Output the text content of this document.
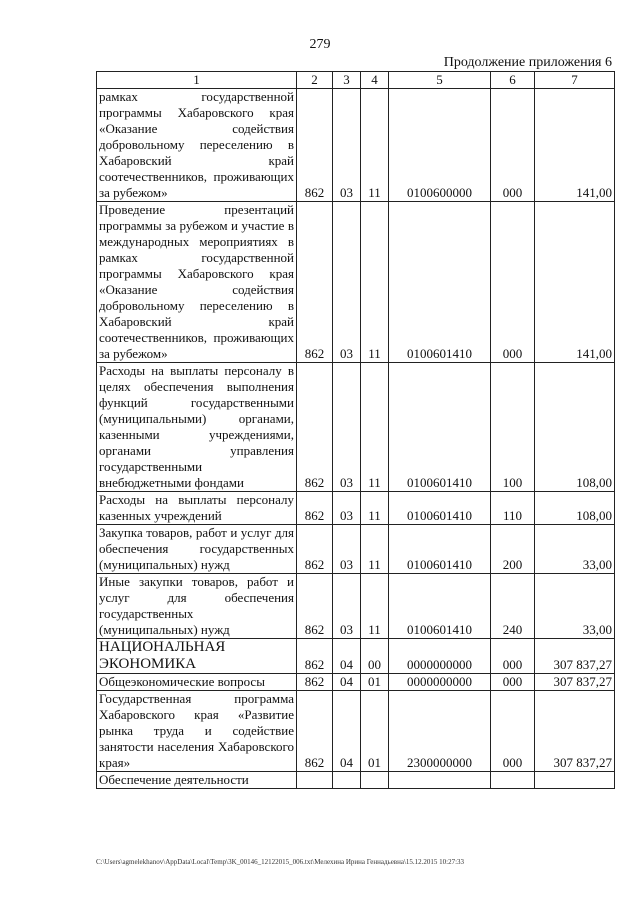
279
Продолжение приложения 6
1	2	3	4	5	6	7
рамках государственной программы Хабаровского края «Оказание содействия добровольному переселению в Хабаровский край соотечественников, проживающих за рубежом»	862	03	11	0100600000	000	141,00
Проведение презентаций программы за рубежом и участие в международных мероприятиях в рамках государственной программы Хабаровского края «Оказание содействия добровольному переселению в Хабаровский край соотечественников, проживающих за рубежом»	862	03	11	0100601410	000	141,00
Расходы на выплаты персоналу в целях обеспечения выполнения функций государственными (муниципальными) органами, казенными учреждениями, органами управления государственными внебюджетными фондами	862	03	11	0100601410	100	108,00
Расходы на выплаты персоналу казенных учреждений	862	03	11	0100601410	110	108,00
Закупка товаров, работ и услуг для обеспечения государственных (муниципальных) нужд	862	03	11	0100601410	200	33,00
Иные закупки товаров, работ и услуг для обеспечения государственных (муниципальных) нужд	862	03	11	0100601410	240	33,00
НАЦИОНАЛЬНАЯ ЭКОНОМИКА	862	04	00	0000000000	000	307 837,27
Общеэкономические вопросы	862	04	01	0000000000	000	307 837,27
Государственная программа Хабаровского края «Развитие рынка труда и содействие занятости населения Хабаровского края»	862	04	01	2300000000	000	307 837,27
Обеспечение деятельности						
C:\Users\agmelekhanov\AppData\Local\Temp\3K_00146_12122015_006.txt\Мелехина Ирина Геннадьевна\15.12.2015 10:27:33
